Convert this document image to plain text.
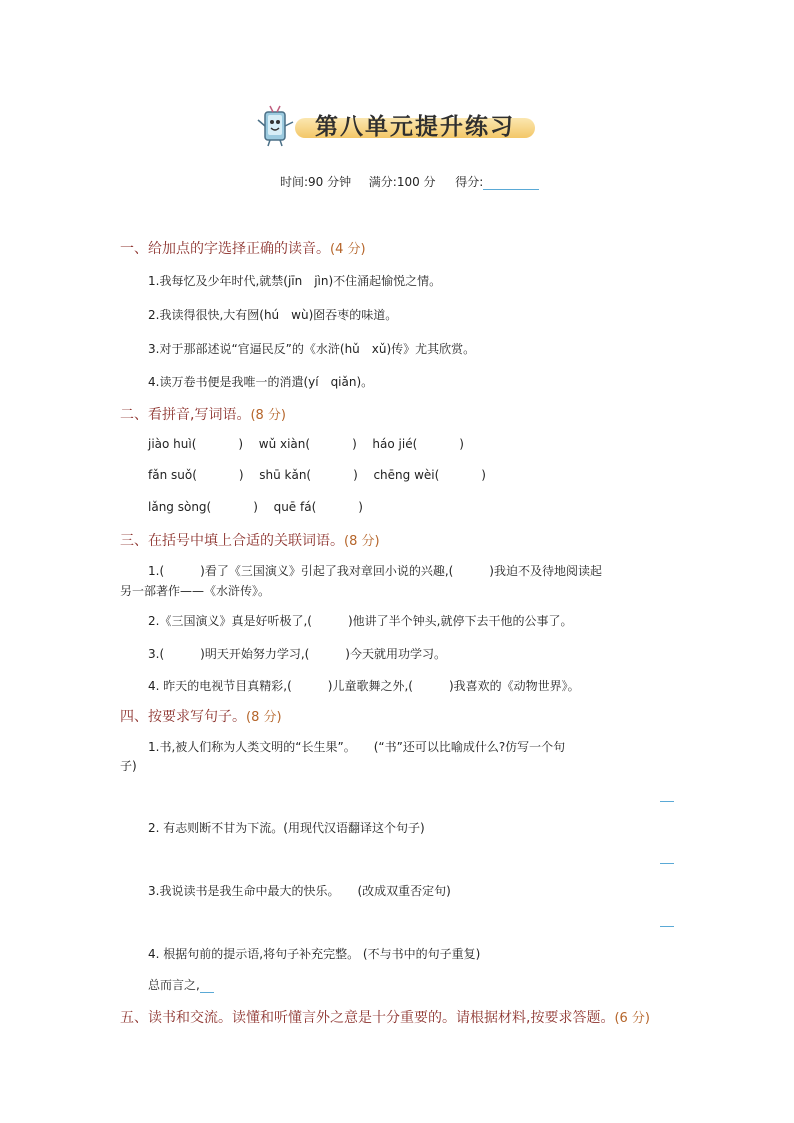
第八单元提升练习
时间:90 分钟 满分:100 分 得分:
一、给加点的字选择正确的读音。(4 分)
1.我每忆及少年时代,就禁(jīn　jìn)不住涌起愉悦之情。
2.我读得很快,大有囫(hú　wù)囵吞枣的味道。
3.对于那部述说“官逼民反”的《水浒(hǔ　xǔ)传》尤其欣赏。
4.读万卷书便是我唯一的消遣(yí　qiǎn)。
二、看拼音,写词语。(8 分)
jiào huì(	) wǔ xiàn(	) háo jié(	)
fǎn suǒ(	) shū kǎn(	) chēng wèi(	)
lǎng sòng(	) quē fá(	)
三、在括号中填上合适的关联词语。(8 分)
1.(　　　)看了《三国演义》引起了我对章回小说的兴趣,(　　　)我迫不及待地阅读起
另一部著作——《水浒传》。
2.《三国演义》真是好听极了,(　　　)他讲了半个钟头,就停下去干他的公事了。
3.(　　　)明天开始努力学习,(　　　)今天就用功学习。
4. 昨天的电视节目真精彩,(　　　)儿童歌舞之外,(　　　)我喜欢的《动物世界》。
四、按要求写句子。(8 分)
1.书,被人们称为人类文明的“长生果”。　　(“书”还可以比喻成什么?仿写一个句
子)
2. 有志则断不甘为下流。(用现代汉语翻译这个句子)
3.我说读书是我生命中最大的快乐。　　(改成双重否定句)
4. 根据句前的提示语,将句子补充完整。 (不与书中的句子重复)
总而言之,
五、读书和交流。读懂和听懂言外之意是十分重要的。请根据材料,按要求答题。(6 分)
